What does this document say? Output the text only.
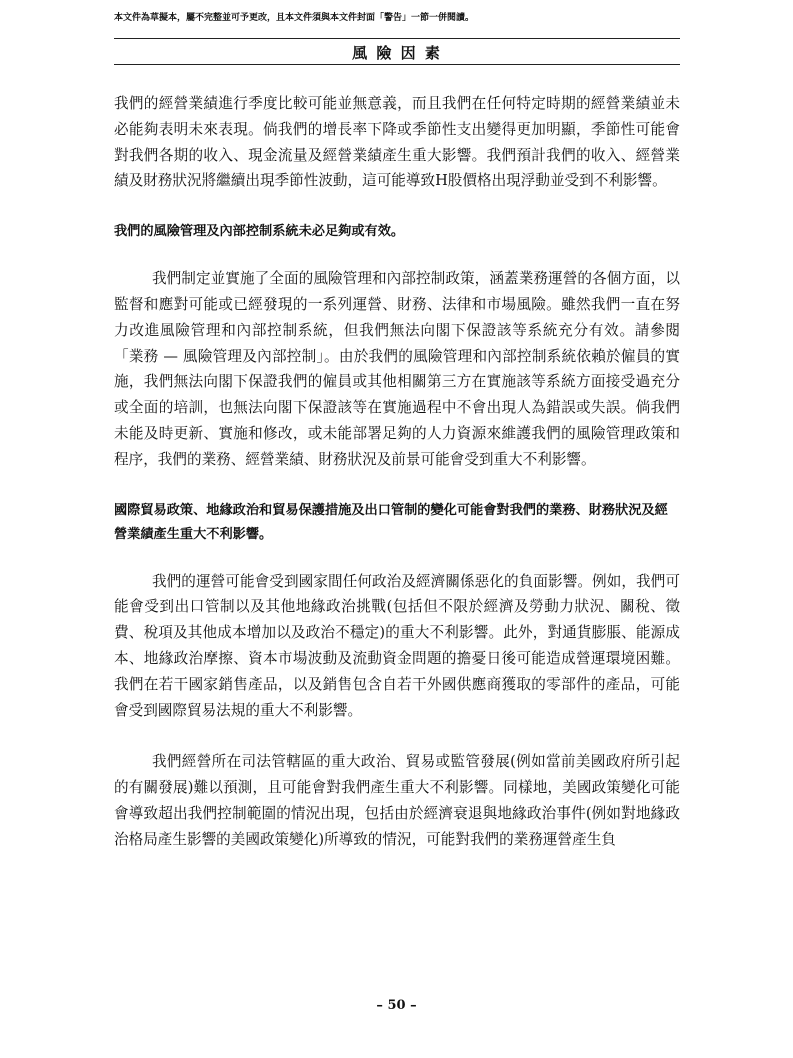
本文件為草擬本，屬不完整並可予更改，且本文件須與本文件封面「警告」一節一併閱讀。
風 險 因 素

我們的經營業績進行季度比較可能並無意義，而且我們在任何特定時期的經營業績並未必能夠表明未來表現。倘我們的增長率下降或季節性支出變得更加明顯，季節性可能會對我們各期的收入、現金流量及經營業績產生重大影響。我們預計我們的收入、經營業績及財務狀況將繼續出現季節性波動，這可能導致H股價格出現浮動並受到不利影響。

我們的風險管理及內部控制系統未必足夠或有效。

我們制定並實施了全面的風險管理和內部控制政策，涵蓋業務運營的各個方面，以監督和應對可能或已經發現的一系列運營、財務、法律和市場風險。雖然我們一直在努力改進風險管理和內部控制系統，但我們無法向閣下保證該等系統充分有效。請參閱「業務 — 風險管理及內部控制」。由於我們的風險管理和內部控制系統依賴於僱員的實施，我們無法向閣下保證我們的僱員或其他相關第三方在實施該等系統方面接受過充分或全面的培訓，也無法向閣下保證該等在實施過程中不會出現人為錯誤或失誤。倘我們未能及時更新、實施和修改，或未能部署足夠的人力資源來維護我們的風險管理政策和程序，我們的業務、經營業績、財務狀況及前景可能會受到重大不利影響。

國際貿易政策、地緣政治和貿易保護措施及出口管制的變化可能會對我們的業務、財務狀況及經營業績產生重大不利影響。

我們的運營可能會受到國家間任何政治及經濟關係惡化的負面影響。例如，我們可能會受到出口管制以及其他地緣政治挑戰(包括但不限於經濟及勞動力狀況、關稅、徵費、稅項及其他成本增加以及政治不穩定)的重大不利影響。此外，對通貨膨脹、能源成本、地緣政治摩擦、資本市場波動及流動資金問題的擔憂日後可能造成營運環境困難。我們在若干國家銷售產品，以及銷售包含自若干外國供應商獲取的零部件的產品，可能會受到國際貿易法規的重大不利影響。

我們經營所在司法管轄區的重大政治、貿易或監管發展(例如當前美國政府所引起的有關發展)難以預測，且可能會對我們產生重大不利影響。同樣地，美國政策變化可能會導致超出我們控制範圍的情況出現，包括由於經濟衰退與地緣政治事件(例如對地緣政治格局產生影響的美國政策變化)所導致的情況，可能對我們的業務運營產生負

– 50 –
